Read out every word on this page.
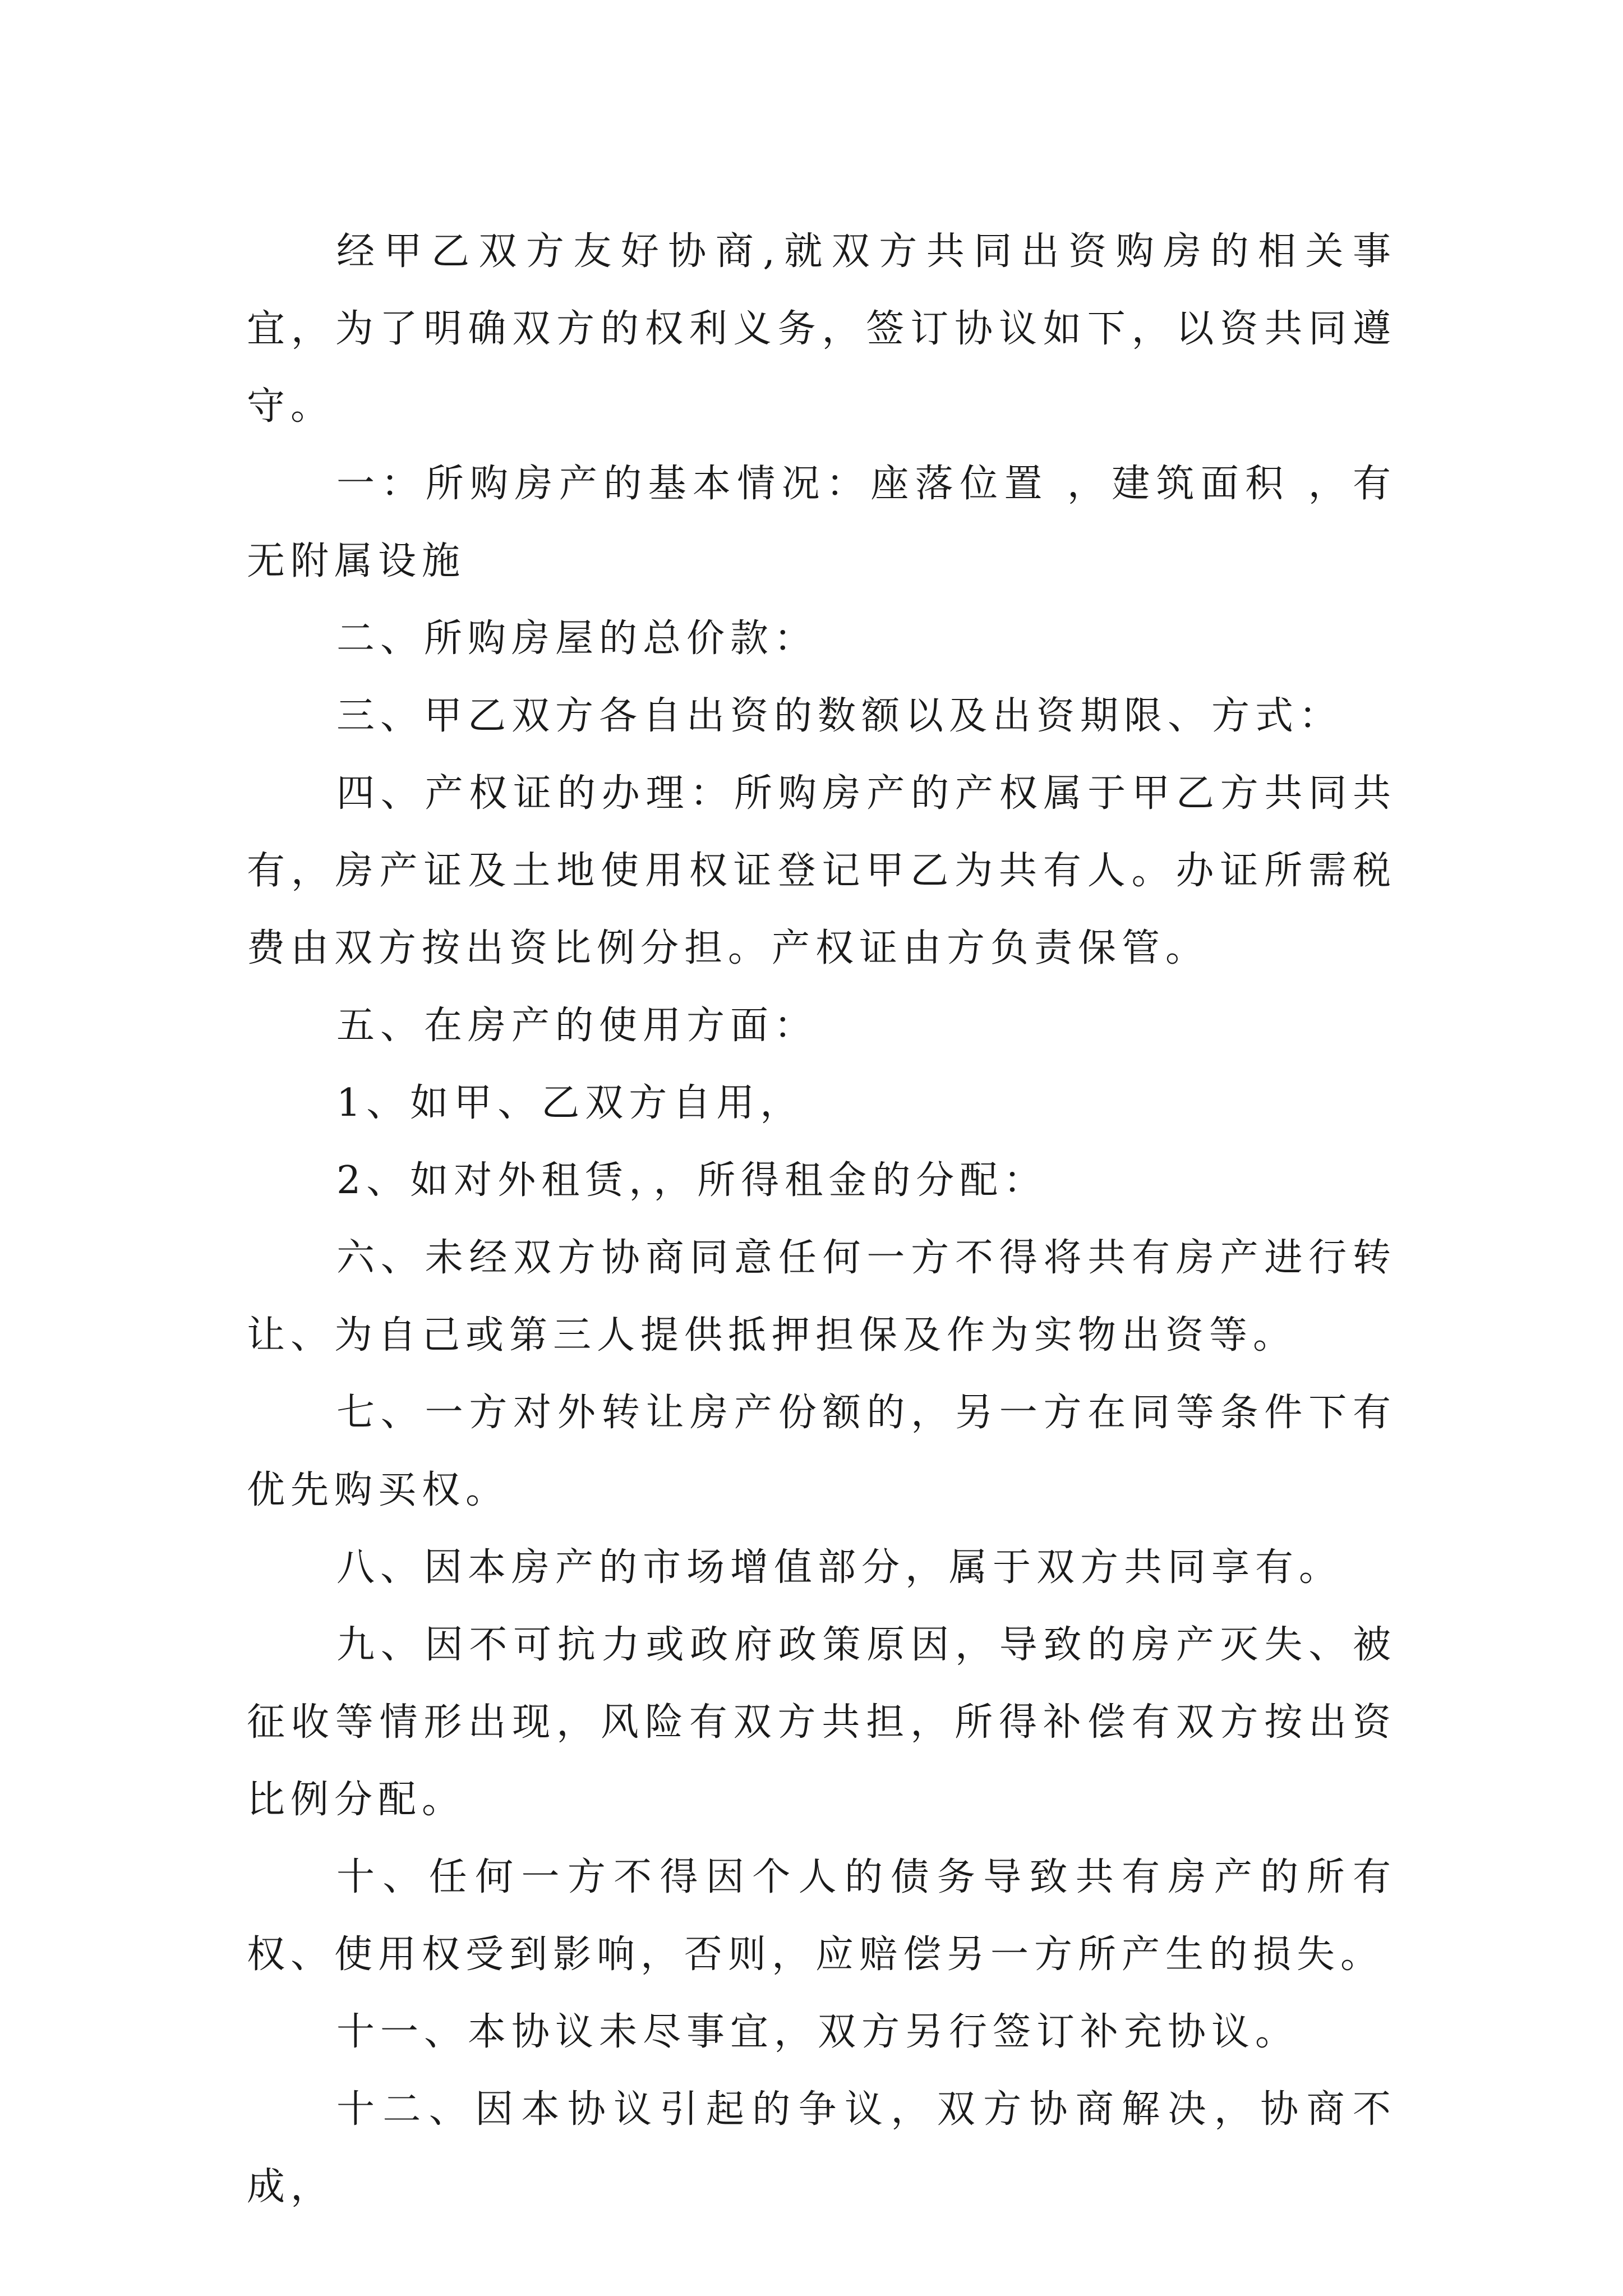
经甲乙双方友好协商,就双方共同出资购房的相关事宜，为了明确双方的权利义务，签订协议如下，以资共同遵守。

一：所购房产的基本情况：座落位置 ，建筑面积 ，有无附属设施

二、所购房屋的总价款：

三、甲乙双方各自出资的数额以及出资期限、方式：

四、产权证的办理：所购房产的产权属于甲乙方共同共有，房产证及土地使用权证登记甲乙为共有人。办证所需税费由双方按出资比例分担。产权证由方负责保管。

五、在房产的使用方面：

1、如甲、乙双方自用，

2、如对外租赁，，所得租金的分配：

六、未经双方协商同意任何一方不得将共有房产进行转让、为自己或第三人提供抵押担保及作为实物出资等。

七、一方对外转让房产份额的，另一方在同等条件下有优先购买权。

八、因本房产的市场增值部分，属于双方共同享有。

九、因不可抗力或政府政策原因，导致的房产灭失、被征收等情形出现，风险有双方共担，所得补偿有双方按出资比例分配。

十、任何一方不得因个人的债务导致共有房产的所有权、使用权受到影响，否则，应赔偿另一方所产生的损失。

十一、本协议未尽事宜，双方另行签订补充协议。

十二、因本协议引起的争议，双方协商解决，协商不成，
